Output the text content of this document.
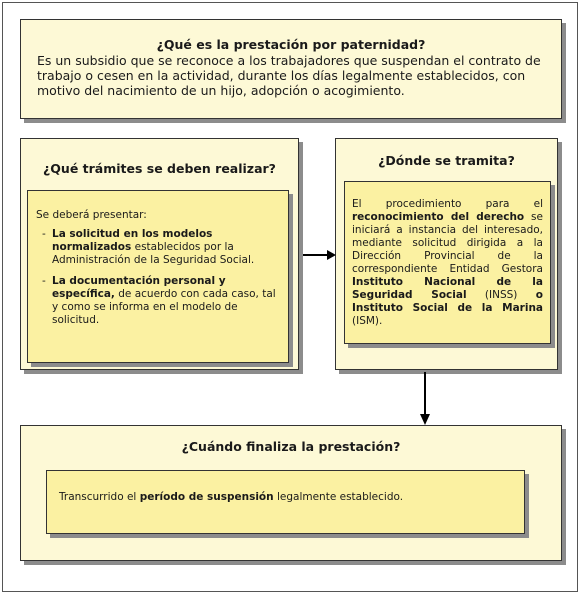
¿Qué es la prestación por paternidad?
Es un subsidio que se reconoce a los trabajadores que suspendan el contrato de trabajo o cesen en la actividad, durante los días legalmente establecidos, con motivo del nacimiento de un hijo, adopción o acogimiento.
¿Qué trámites se deben realizar?
Se deberá presentar:
- La solicitud en los modelos normalizados establecidos por la Administración de la Seguridad Social.
- La documentación personal y específica, de acuerdo con cada caso, tal y como se informa en el modelo de solicitud.
¿Dónde se tramita?
El procedimiento para el reconocimiento del derecho se iniciará a instancia del interesado, mediante solicitud dirigida a la Dirección Provincial de la correspondiente Entidad Gestora Instituto Nacional de la Seguridad Social (INSS) o Instituto Social de la Marina (ISM).
¿Cuándo finaliza la prestación?
Transcurrido el período de suspensión legalmente establecido.
